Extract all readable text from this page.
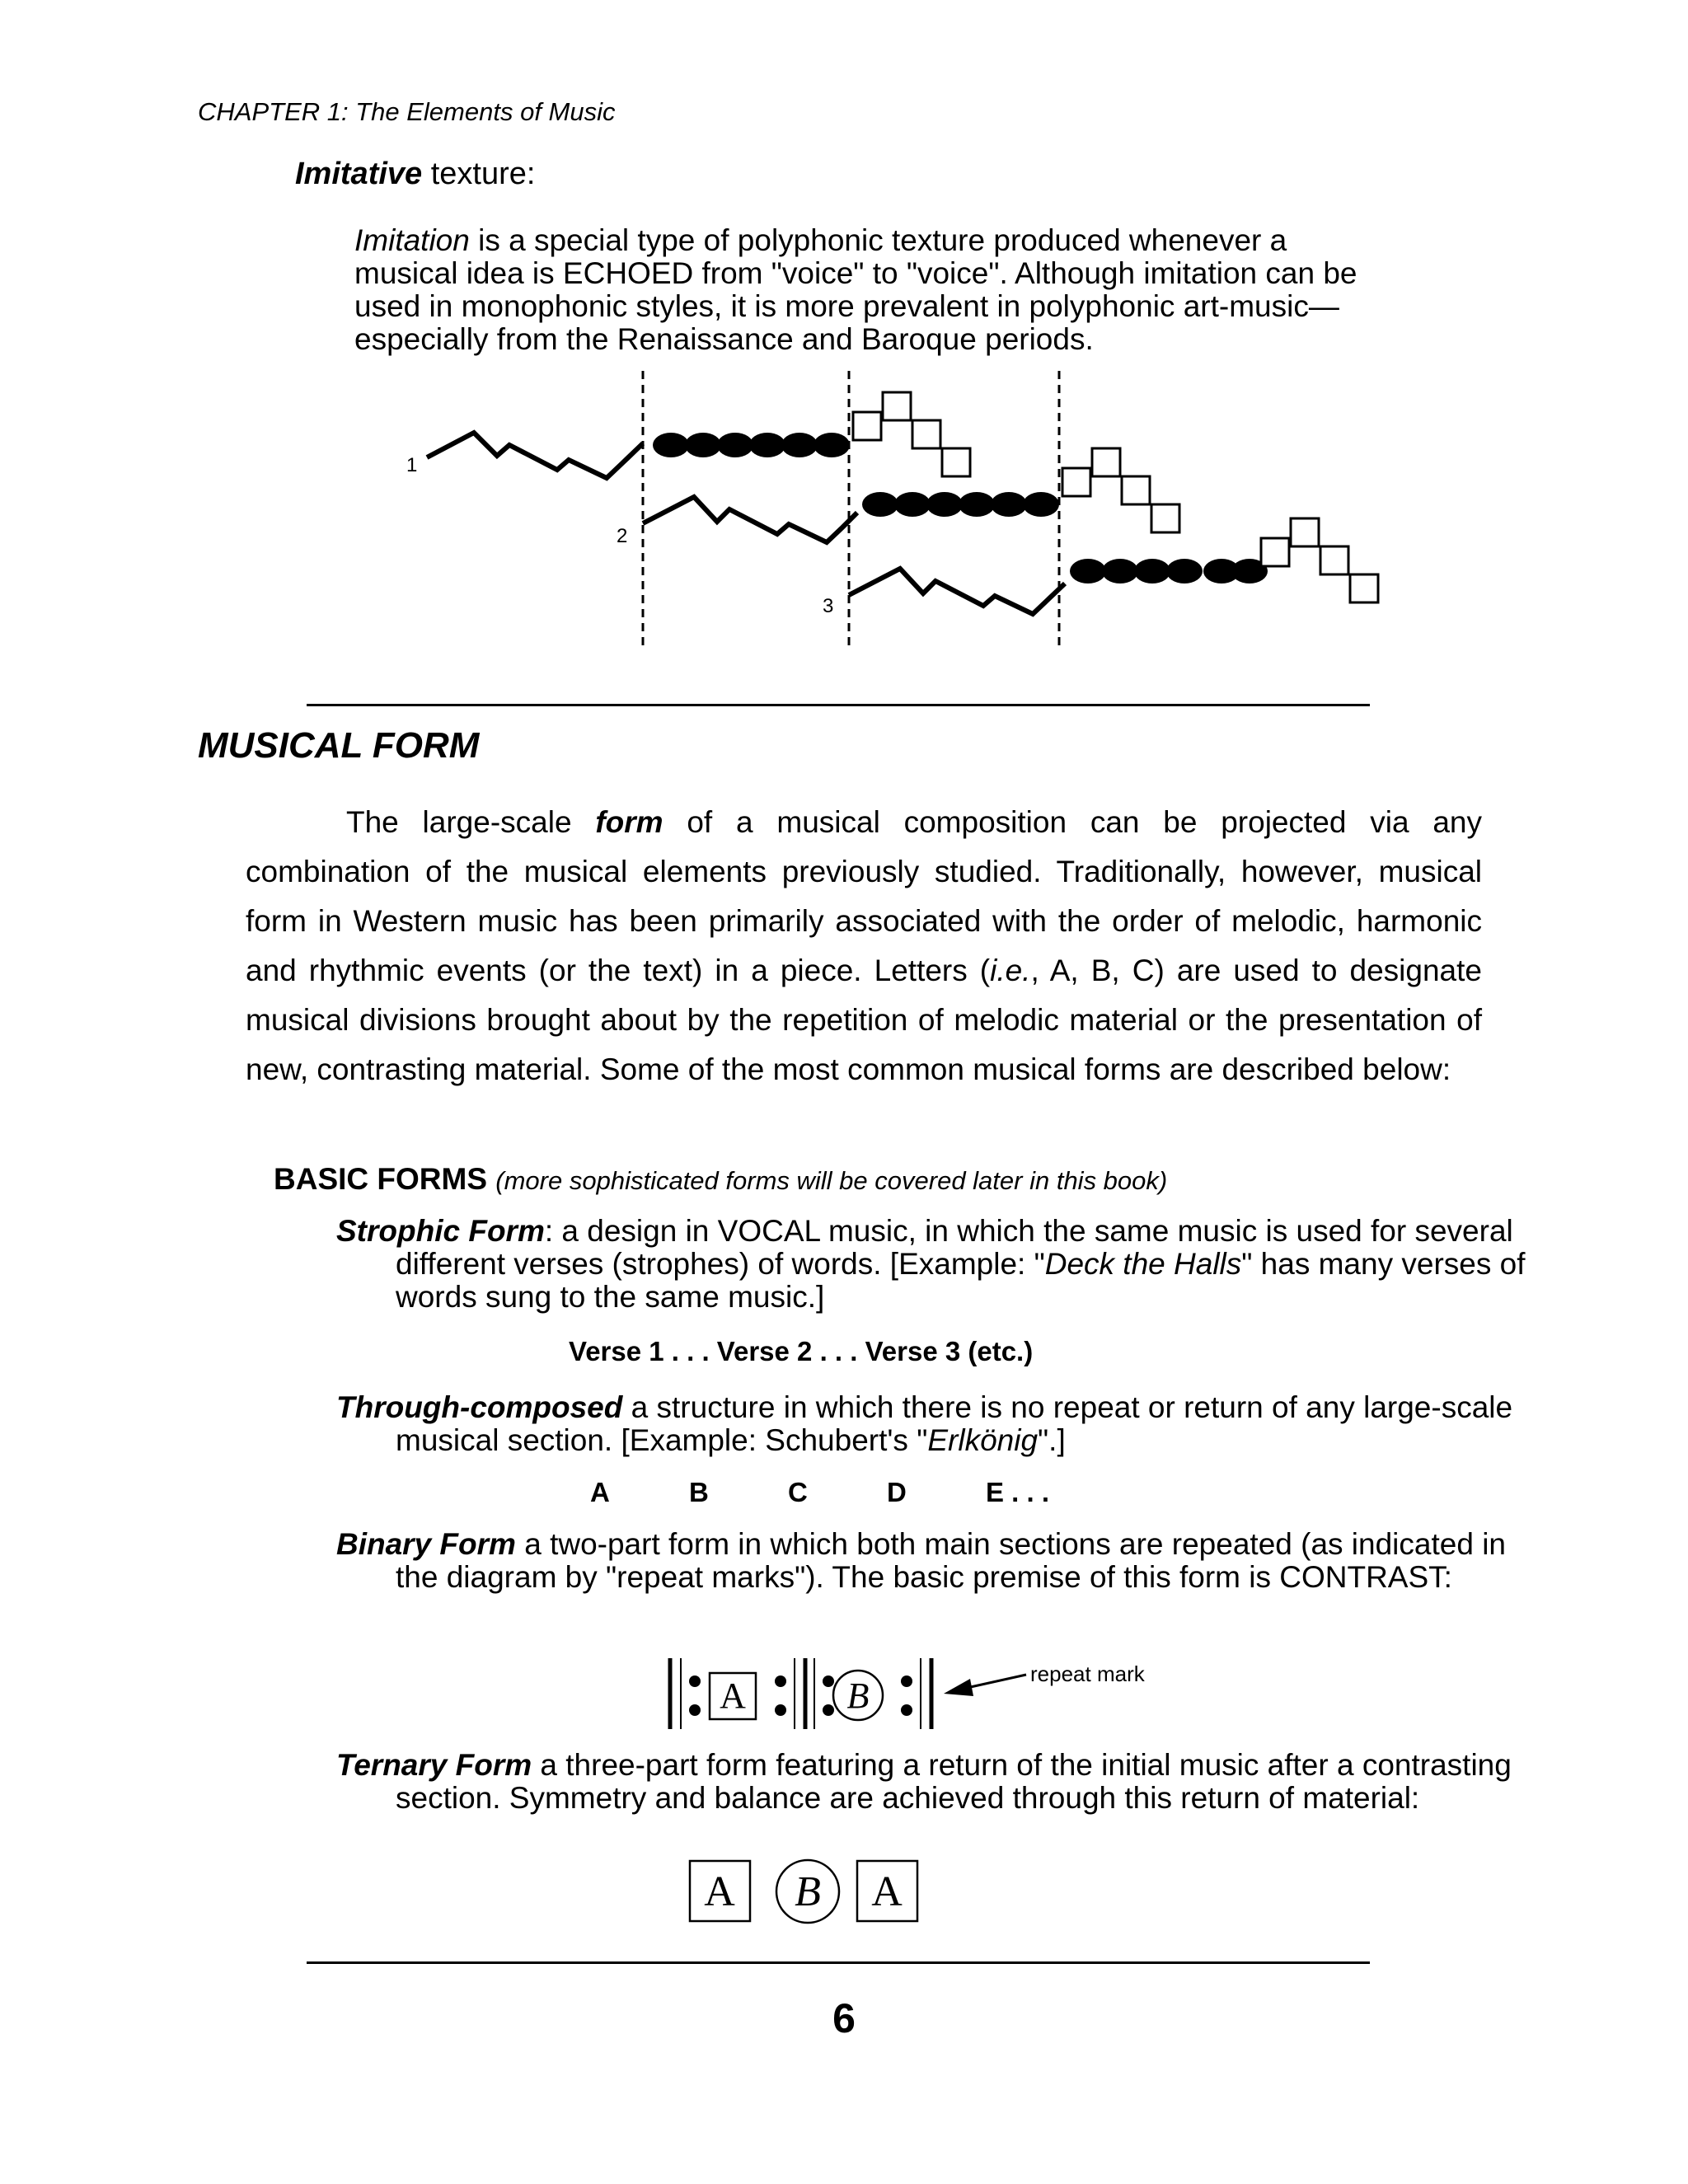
CHAPTER 1: The Elements of Music
Imitative texture:
Imitation is a special type of polyphonic texture produced whenever a
musical idea is ECHOED from "voice" to "voice". Although imitation can be
used in monophonic styles, it is more prevalent in polyphonic art-music—
especially from the Renaissance and Baroque periods.
1
2
3
MUSICAL FORM

The large-scale form of a musical composition can be projected via any combination of the musical elements previously studied. Traditionally, however, musical form in Western music has been primarily associated with the order of melodic, harmonic and rhythmic events (or the text) in a piece. Letters (i.e., A, B, C) are used to designate musical divisions brought about by the repetition of melodic material or the presentation of new, contrasting material. Some of the most common musical forms are described below:

BASIC FORMS (more sophisticated forms will be covered later in this book)
Strophic Form: a design in VOCAL music, in which the same music is used for several different verses (strophes) of words. [Example: "Deck the Halls" has many verses of words sung to the same music.]
Verse 1 . . . Verse 2 . . . Verse 3 (etc.)
Through-composed a structure in which there is no repeat or return of any large-scale musical section. [Example: Schubert's "Erlkönig".]
A	B	C	D	E . . .
Binary Form a two-part form in which both main sections are repeated (as indicated in the diagram by "repeat marks"). The basic premise of this form is CONTRAST:
A	B
repeat mark
Ternary Form a three-part form featuring a return of the initial music after a contrasting section. Symmetry and balance are achieved through this return of material:
A B A
6
